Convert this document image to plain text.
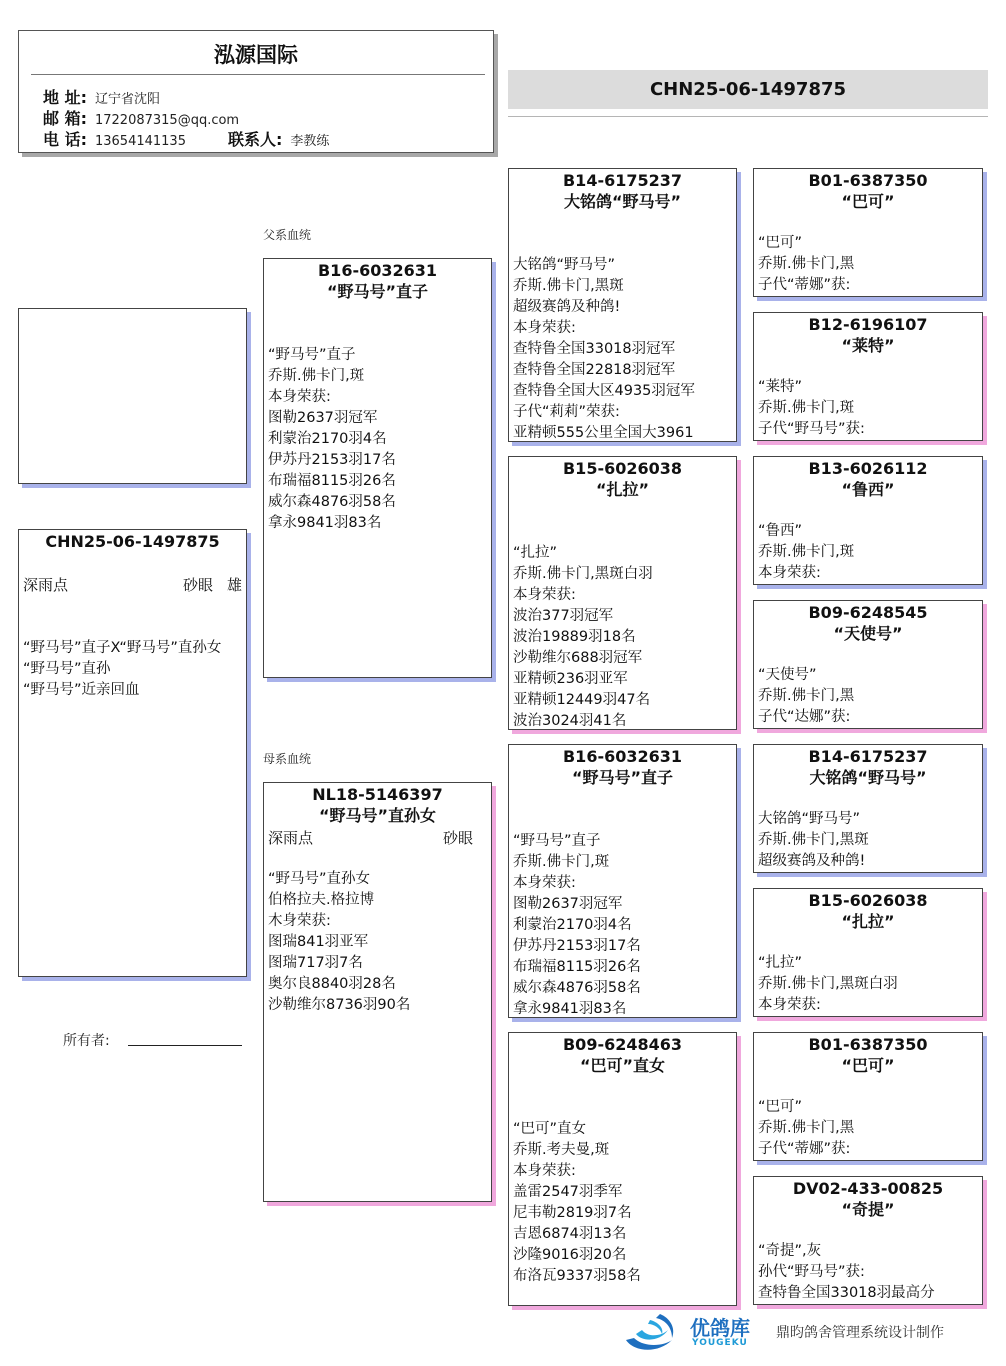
泓源国际
地 址: 辽宁省沈阳
邮 箱: 1722087315@qq.com
电 话: 13654141135	联系人: 李教练
CHN25-06-1497875
CHN25-06-1497875
深雨点	砂眼 雄
“野马号”直子X“野马号”直孙女
“野马号”直孙
“野马号”近亲回血
所有者:
父系血统
母系血统
B16-6032631
“野马号”直子
“野马号”直子
乔斯.佛卡门,斑
本身荣获:
图勒2637羽冠军
利蒙治2170羽4名
伊苏丹2153羽17名
布瑞福8115羽26名
威尔森4876羽58名
拿永9841羽83名
NL18-5146397
“野马号”直孙女
深雨点	砂眼
“野马号”直孙女
伯格拉夫.格拉博
木身荣获:
图瑞841羽亚军
图瑞717羽7名
奥尔良8840羽28名
沙勒维尔8736羽90名
B14-6175237
大铭鸽“野马号”
大铭鸽“野马号”
乔斯.佛卡门,黑斑
超级赛鸽及种鸽!
本身荣获:
查特鲁全国33018羽冠军
查特鲁全国22818羽冠军
查特鲁全国大区4935羽冠军
子代“莉莉”荣获:
亚精顿555公里全国大3961
B15-6026038
“扎拉”
“扎拉”
乔斯.佛卡门,黑斑白羽
本身荣获:
波治377羽冠军
波治19889羽18名
沙勒维尔688羽冠军
亚精顿236羽亚军
亚精顿12449羽47名
波治3024羽41名
B16-6032631
“野马号”直子
“野马号”直子
乔斯.佛卡门,斑
本身荣获:
图勒2637羽冠军
利蒙治2170羽4名
伊苏丹2153羽17名
布瑞福8115羽26名
威尔森4876羽58名
拿永9841羽83名
B09-6248463
“巴可”直女
“巴可”直女
乔斯.考夫曼,斑
本身荣获:
盖雷2547羽季军
尼韦勒2819羽7名
吉恩6874羽13名
沙隆9016羽20名
布洛瓦9337羽58名
B01-6387350
“巴可”
“巴可”
乔斯.佛卡门,黑
子代“蒂娜”获:
B12-6196107
“莱特”
“莱特”
乔斯.佛卡门,斑
子代“野马号”获:
B13-6026112
“鲁西”
“鲁西”
乔斯.佛卡门,斑
本身荣获:
B09-6248545
“天使号”
“天使号”
乔斯.佛卡门,黑
子代“达娜”获:
B14-6175237
大铭鸽“野马号”
大铭鸽“野马号”
乔斯.佛卡门,黑斑
超级赛鸽及种鸽!
B15-6026038
“扎拉”
“扎拉”
乔斯.佛卡门,黑斑白羽
本身荣获:
B01-6387350
“巴可”
“巴可”
乔斯.佛卡门,黑
子代“蒂娜”获:
DV02-433-00825
“奇提”
“奇提”,灰
孙代“野马号”获:
查特鲁全国33018羽最高分
优鸽库
YOUGEKU
鼎昀鸽舍管理系统设计制作
